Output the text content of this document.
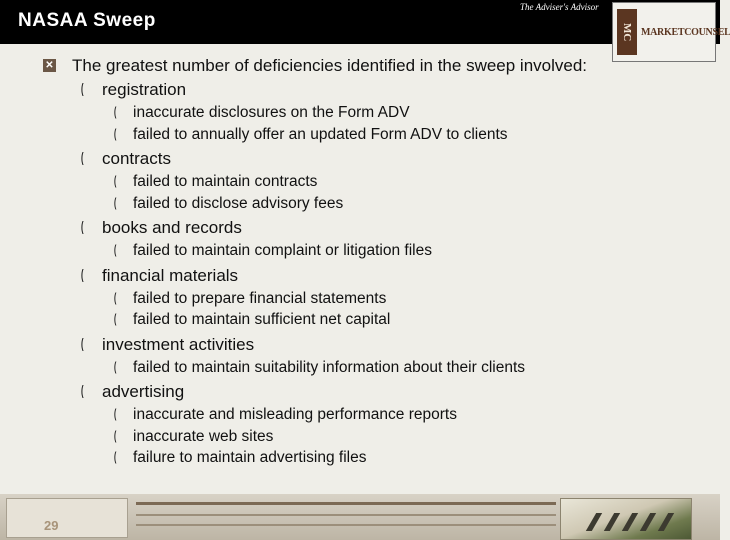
NASAA Sweep
The Adviser's Advisor
MC MARKETCOUNSEL
✕ The greatest number of deficiencies identified in the sweep involved:
( registration
( inaccurate disclosures on the Form ADV
( failed to annually offer an updated Form ADV to clients
( contracts
( failed to maintain contracts
( failed to disclose advisory fees
( books and records
( failed to maintain complaint or litigation files
( financial materials
( failed to prepare financial statements
( failed to maintain sufficient net capital
( investment activities
( failed to maintain suitability information about their clients
( advertising
( inaccurate and misleading performance reports
( inaccurate web sites
( failure to maintain advertising files
29
